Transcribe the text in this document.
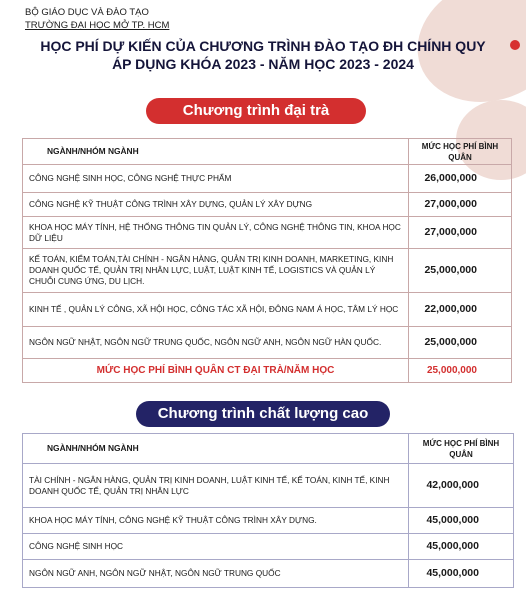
BỘ GIÁO DỤC VÀ ĐÀO TẠO
TRƯỜNG ĐẠI HỌC MỞ TP. HCM
HỌC PHÍ DỰ KIẾN CỦA CHƯƠNG TRÌNH ĐÀO TẠO ĐH CHÍNH QUY
ÁP DỤNG KHÓA 2023 - NĂM HỌC 2023 - 2024
Chương trình đại trà
NGÀNH/NHÓM NGÀNH	MỨC HỌC PHÍ BÌNH QUÂN
CÔNG NGHỆ SINH HỌC, CÔNG NGHỆ THỰC PHẨM	26,000,000
CÔNG NGHỆ KỸ THUẬT CÔNG TRÌNH XÂY DỰNG, QUẢN LÝ XÂY DỰNG	27,000,000
KHOA HỌC MÁY TÍNH, HỆ THỐNG THÔNG TIN QUẢN LÝ, CÔNG NGHỆ THÔNG TIN, KHOA HỌC DỮ LIỆU	27,000,000
KẾ TOÁN, KIỂM TOÁN,TÀI CHÍNH - NGÂN HÀNG, QUẢN TRỊ KINH DOANH, MARKETING, KINH DOANH QUỐC TẾ, QUẢN TRỊ NHÂN LỰC, LUẬT, LUẬT KINH TẾ, LOGISTICS VÀ QUẢN LÝ CHUỖI CUNG ỨNG, DU LỊCH.	25,000,000
KINH TẾ , QUẢN LÝ CÔNG, XÃ HỘI HỌC, CÔNG TÁC XÃ HỘI, ĐÔNG NAM Á HỌC, TÂM LÝ HỌC	22,000,000
NGÔN NGỮ NHẬT, NGÔN NGỮ TRUNG QUỐC, NGÔN NGỮ ANH, NGÔN NGỮ HÀN QUỐC.	25,000,000
MỨC HỌC PHÍ BÌNH QUÂN CT ĐẠI TRÀ/NĂM HỌC	25,000,000
Chương trình chất lượng cao
NGÀNH/NHÓM NGÀNH	MỨC HỌC PHÍ BÌNH QUÂN
TÀI CHÍNH - NGÂN HÀNG, QUẢN TRỊ KINH DOANH, LUẬT KINH TẾ, KẾ TOÁN, KINH TẾ, KINH DOANH QUỐC TẾ, QUẢN TRỊ NHÂN LỰC	42,000,000
KHOA HỌC MÁY TÍNH, CÔNG NGHỆ KỸ THUẬT CÔNG TRÌNH XÂY DỰNG.	45,000,000
CÔNG NGHỆ SINH HỌC	45,000,000
NGÔN NGỮ ANH, NGÔN NGỮ NHẬT, NGÔN NGỮ TRUNG QUỐC	45,000,000
